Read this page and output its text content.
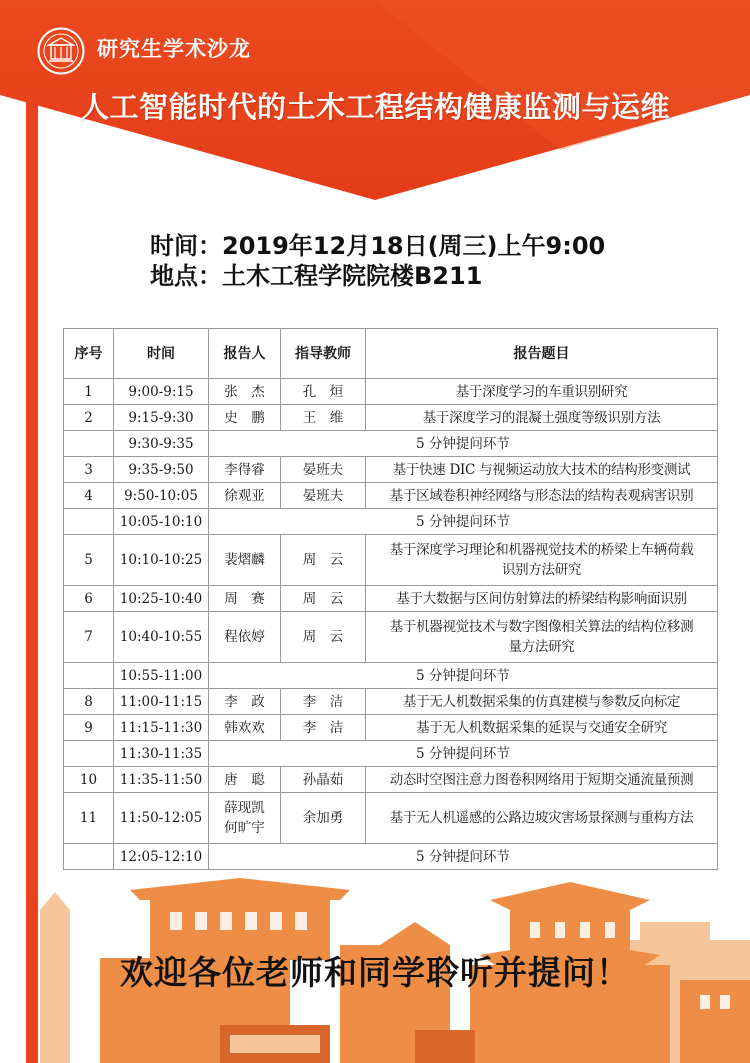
研究生学术沙龙
人工智能时代的土木工程结构健康监测与运维
时间：2019年12月18日(周三)上午9:00
地点：土木工程学院院楼B211
序号	时间	报告人	指导教师	报告题目
1	9:00-9:15	张　杰	孔　烜	基于深度学习的车重识别研究

2	9:15-9:30	史　鹏	王　维	基于深度学习的混凝土强度等级识别方法

	9:30-9:35	5 分钟提问环节		
3	9:35-9:50	李得睿	晏班夫	基于快速 DIC 与视频运动放大技术的结构形变测试

4	9:50-10:05	徐观亚	晏班夫	基于区域卷积神经网络与形态法的结构表观病害识别

	10:05-10:10	5 分钟提问环节		
5	10:10-10:25	裴熠麟	周　云	基于深度学习理论和机器视觉技术的桥梁上车辆荷载
识别方法研究

6	10:25-10:40	周　赛	周　云	基于大数据与区间仿射算法的桥梁结构影响面识别

7	10:40-10:55	程依婷	周　云	基于机器视觉技术与数字图像相关算法的结构位移测
量方法研究

	10:55-11:00	5 分钟提问环节		
8	11:00-11:15	李　政	李　洁	基于无人机数据采集的仿真建模与参数反向标定

9	11:15-11:30	韩欢欢	李　洁	基于无人机数据采集的延误与交通安全研究

	11:30-11:35	5 分钟提问环节		
10	11:35-11:50	唐　聪	孙晶茹	动态时空图注意力图卷积网络用于短期交通流量预测

11	11:50-12:05	薛现凯
何旷宇	余加勇	基于无人机遥感的公路边坡灾害场景探测与重构方法

	12:05-12:10	5 分钟提问环节		
欢迎各位老师和同学聆听并提问！
